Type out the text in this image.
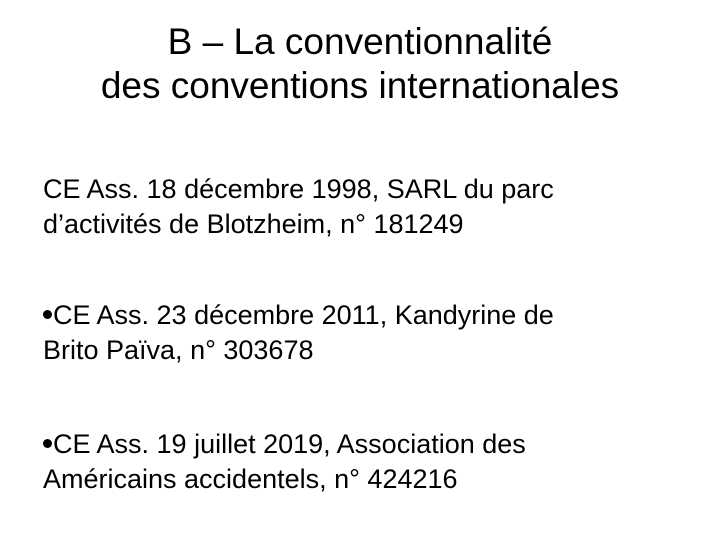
B – La conventionnalité
des conventions internationales

CE Ass. 18 décembre 1998, SARL du parc
d’activités de Blotzheim, n° 181249

CE Ass. 23 décembre 2011, Kandyrine de
Brito Païva, n° 303678

CE Ass. 19 juillet 2019, Association des
Américains accidentels, n° 424216
